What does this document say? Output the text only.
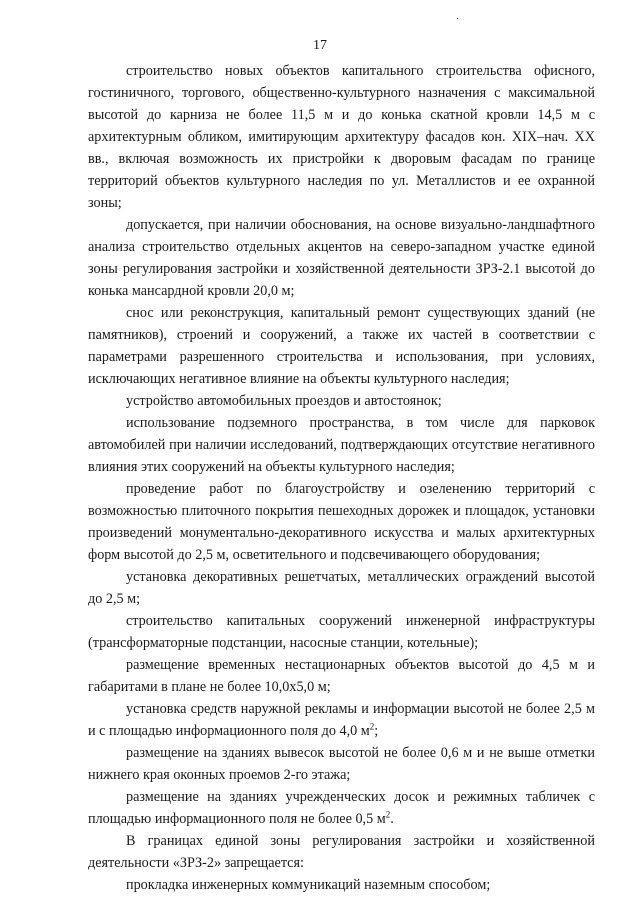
·
17

строительство новых объектов капитального строительства офисного, гостиничного, торгового, общественно-культурного назначения с максимальной высотой до карниза не более 11,5 м и до конька скатной кровли 14,5 м с архитектурным обликом, имитирующим архитектуру фасадов кон. XIX–нач. XX вв., включая возможность их пристройки к дворовым фасадам по границе территорий объектов культурного наследия по ул. Металлистов и ее охранной зоны;

допускается, при наличии обоснования, на основе визуально-ландшафтного анализа строительство отдельных акцентов на северо-западном участке единой зоны регулирования застройки и хозяйственной деятельности ЗРЗ-2.1 высотой до конька мансардной кровли 20,0 м;

снос или реконструкция, капитальный ремонт существующих зданий (не памятников), строений и сооружений, а также их частей в соответствии с параметрами разрешенного строительства и использования, при условиях, исключающих негативное влияние на объекты культурного наследия;

устройство автомобильных проездов и автостоянок;

использование подземного пространства, в том числе для парковок автомобилей при наличии исследований, подтверждающих отсутствие негативного влияния этих сооружений на объекты культурного наследия;

проведение работ по благоустройству и озеленению территорий с возможностью плиточного покрытия пешеходных дорожек и площадок, установки произведений монументально-декоративного искусства и малых архитектурных форм высотой до 2,5 м, осветительного и подсвечивающего оборудования;

установка декоративных решетчатых, металлических ограждений высотой до 2,5 м;

строительство капитальных сооружений инженерной инфраструктуры (трансформаторные подстанции, насосные станции, котельные);

размещение временных нестационарных объектов высотой до 4,5 м и габаритами в плане не более 10,0х5,0 м;

установка средств наружной рекламы и информации высотой не более 2,5 м и с площадью информационного поля до 4,0 $м^2$;

размещение на зданиях вывесок высотой не более 0,6 м и не выше отметки нижнего края оконных проемов 2-го этажа;

размещение на зданиях учрежденческих досок и режимных табличек с площадью информационного поля не более 0,5 $м^2$.

В границах единой зоны регулирования застройки и хозяйственной деятельности «ЗРЗ-2» запрещается:

прокладка инженерных коммуникаций наземным способом;
